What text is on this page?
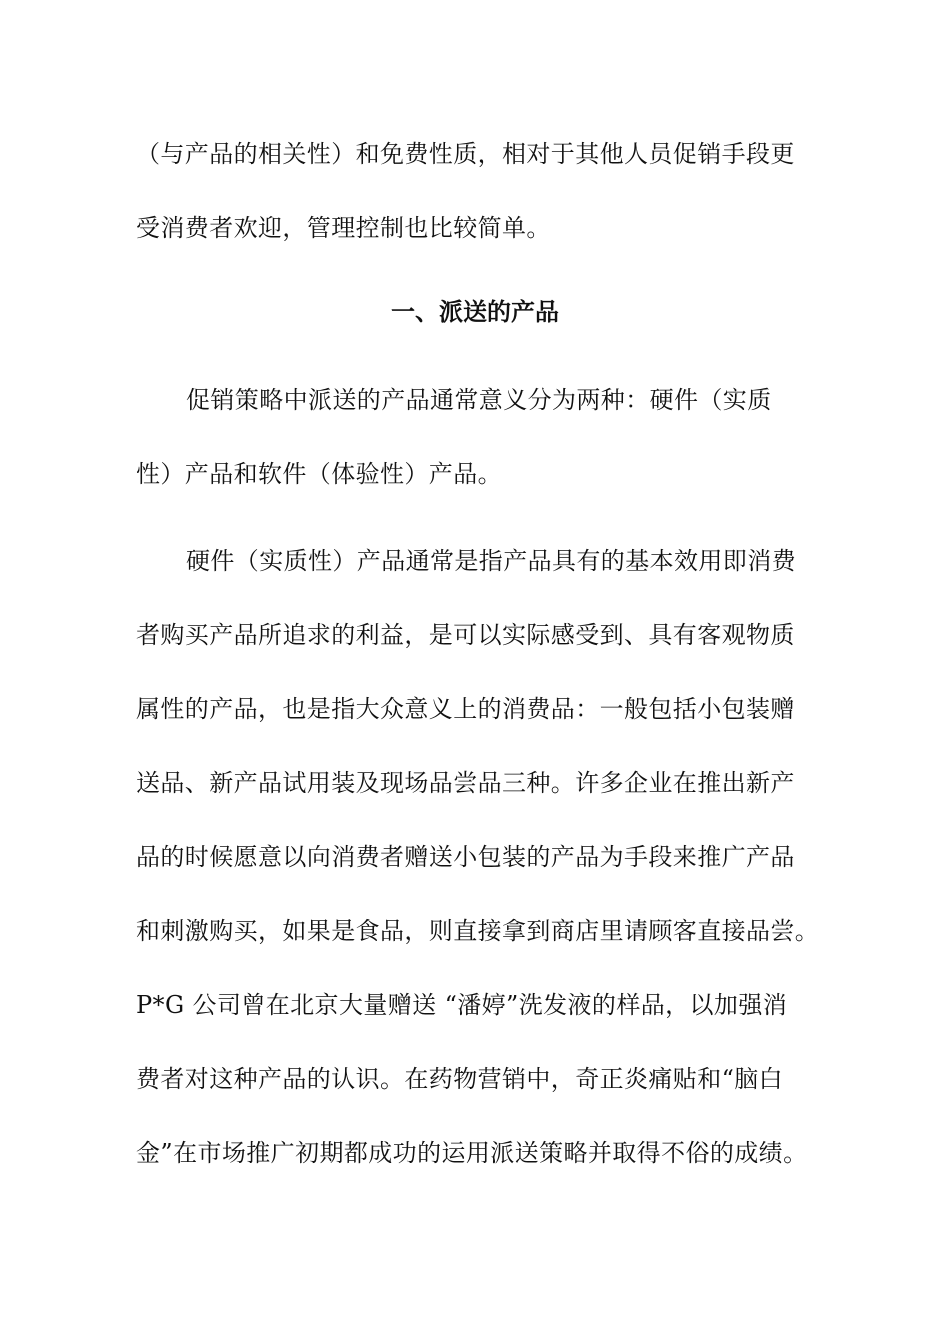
（与产品的相关性）和免费性质，相对于其他人员促销手段更
受消费者欢迎，管理控制也比较简单。
一、派送的产品
促销策略中派送的产品通常意义分为两种：硬件（实质
性）产品和软件（体验性）产品。
硬件（实质性）产品通常是指产品具有的基本效用即消费
者购买产品所追求的利益，是可以实际感受到、具有客观物质
属性的产品，也是指大众意义上的消费品：一般包括小包装赠
送品、新产品试用装及现场品尝品三种。许多企业在推出新产
品的时候愿意以向消费者赠送小包装的产品为手段来推广产品
和刺激购买，如果是食品，则直接拿到商店里请顾客直接品尝。
P*G 公司曾在北京大量赠送 “潘婷”洗发液的样品，以加强消
费者对这种产品的认识。在药物营销中，奇正炎痛贴和“脑白
金”在市场推广初期都成功的运用派送策略并取得不俗的成绩。
